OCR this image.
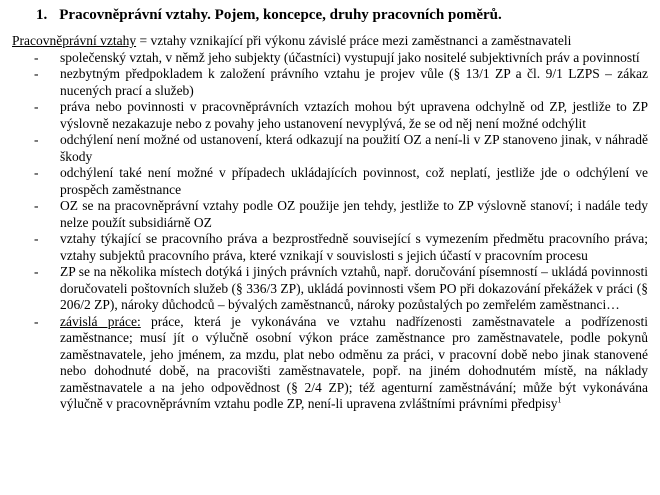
1. Pracovněprávní vztahy. Pojem, koncepce, druhy pracovních poměrů.

Pracovněprávní vztahy = vztahy vznikající při výkonu závislé práce mezi zaměstnanci a zaměstnavateli

-	společenský vztah, v němž jeho subjekty (účastníci) vystupují jako nositelé subjektivních práv a povinností
-	nezbytným předpokladem k založení právního vztahu je projev vůle (§ 13/1 ZP a čl. 9/1 LZPS – zákaz nucených prací a služeb)
-	práva nebo povinnosti v pracovněprávních vztazích mohou být upravena odchylně od ZP, jestliže to ZP výslovně nezakazuje nebo z povahy jeho ustanovení nevyplývá, že se od něj není možné odchýlit
-	odchýlení není možné od ustanovení, která odkazují na použití OZ a není-li v ZP stanoveno jinak, v náhradě škody
-	odchýlení také není možné v případech ukládajících povinnost, což neplatí, jestliže jde o odchýlení ve prospěch zaměstnance
-	OZ se na pracovněprávní vztahy podle OZ použije jen tehdy, jestliže to ZP výslovně stanoví; i nadále tedy nelze použít subsidiárně OZ
-	vztahy týkající se pracovního práva a bezprostředně související s vymezením předmětu pracovního práva; vztahy subjektů pracovního práva, které vznikají v souvislosti s jejich účastí v pracovním procesu
-	ZP se na několika místech dotýká i jiných právních vztahů, např. doručování písemností – ukládá povinnosti doručovateli poštovních služeb (§ 336/3 ZP), ukládá povinnosti všem PO při dokazování překážek v práci (§ 206/2 ZP), nároky důchodců – bývalých zaměstnanců, nároky pozůstalých po zemřelém zaměstnanci…
-	závislá práce: práce, která je vykonávána ve vztahu nadřízenosti zaměstnavatele a podřízenosti zaměstnance; musí jít o výlučně osobní výkon práce zaměstnance pro zaměstnavatele, podle pokynů zaměstnavatele, jeho jménem, za mzdu, plat nebo odměnu za práci, v pracovní době nebo jinak stanovené nebo dohodnuté době, na pracovišti zaměstnavatele, popř. na jiném dohodnutém místě, na náklady zaměstnavatele a na jeho odpovědnost (§ 2/4 ZP); též agenturní zaměstnávání; může být vykonávána výlučně v pracovněprávním vztahu podle ZP, není-li upravena zvláštními právními předpisy$^1$
